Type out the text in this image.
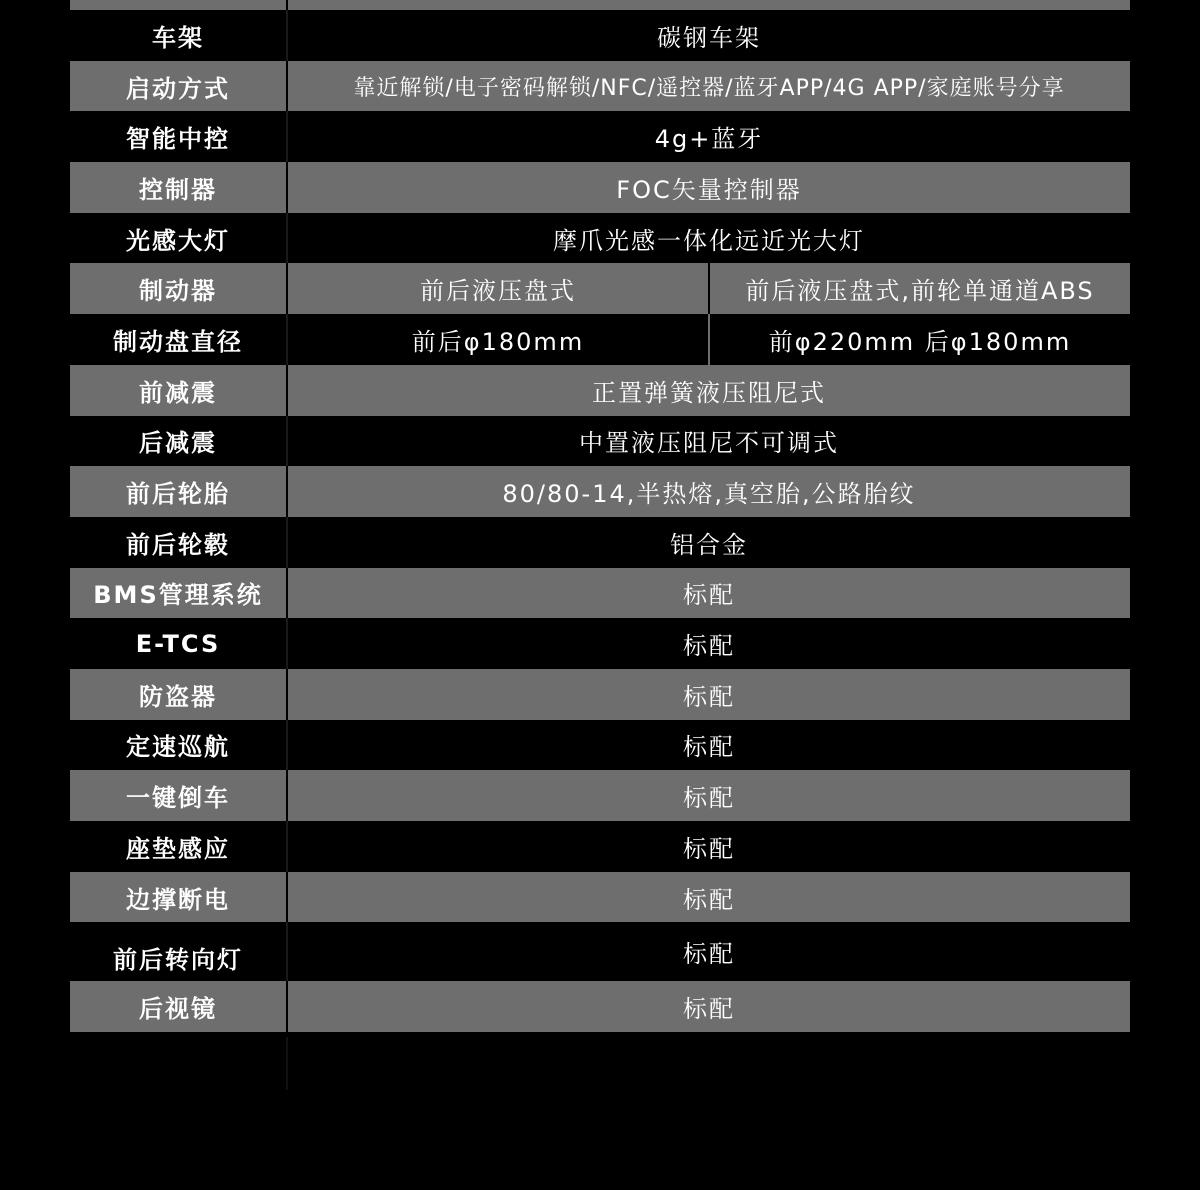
车架	碳钢车架
启动方式	靠近解锁/电子密码解锁/NFC/遥控器/蓝牙APP/4G APP/家庭账号分享
智能中控	4g+蓝牙
控制器	FOC矢量控制器
光感大灯	摩爪光感一体化远近光大灯
制动器	前后液压盘式	前后液压盘式,前轮单通道ABS
制动盘直径	前后φ180mm	前φ220mm 后φ180mm
前减震	正置弹簧液压阻尼式
后减震	中置液压阻尼不可调式
前后轮胎	80/80-14,半热熔,真空胎,公路胎纹
前后轮毂	铝合金
BMS管理系统	标配
E-TCS	标配
防盗器	标配
定速巡航	标配
一键倒车	标配
座垫感应	标配
边撑断电	标配
前后转向灯	标配
后视镜	标配
